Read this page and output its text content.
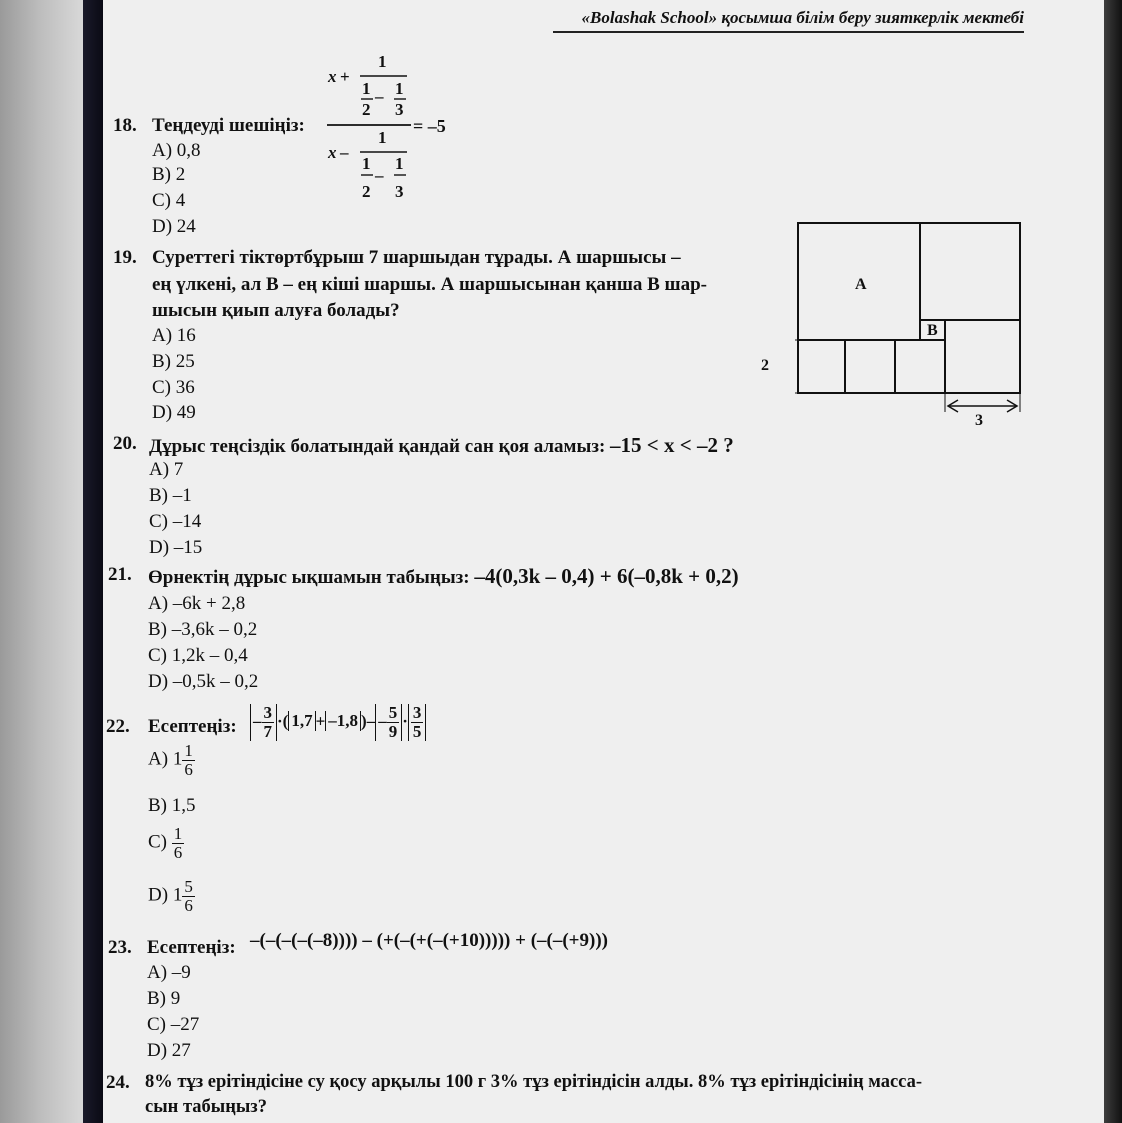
«Bolashak School» қосымша білім беру зияткерлік мектебі
18. Теңдеуді шешіңіз:
x +
1
1
2
– 1
3
x –
1
1
2
–
1
3
= –5
A) 0,8
B) 2
C) 4
D) 24
19. Суреттегі тіктөртбұрыш 7 шаршыдан тұрады. А шаршысы –
ең үлкені, ал В – ең кіші шаршы. А шаршысынан қанша В шар-
шысын қиып алуға болады?
A) 16
B) 25
C) 36
D) 49
A
B
2
3
20. Дұрыс теңсіздік болатындай қандай сан қоя аламыз: –15 < x < –2 ?
A) 7
B) –1
C) –14
D) –15
21. Өрнектің дұрыс ықшамын табыңыз: –4(0,3k – 0,4) + 6(–0,8k + 0,2)
A) –6k + 2,8
B) –3,6k – 0,2
C) 1,2k – 0,4
D) –0,5k – 0,2
22. Есептеңіз: – $\frac{3}{7}$ ·( 1,7 + –1,8 )– – $\frac{5}{9} \cdot \frac{3}{5}$
A) $1 \frac{1}{6}$
B) 1,5
$C) \frac{1}{6}$
D) $1 \frac{5}{6}$
23. Есептеңіз: –(–(–(–(–8)))) – (+(–(+(–(+10))))) + (–(–(+9)))
A) –9
B) 9
C) –27
D) 27
24. 8% тұз ерітіндісіне су қосу арқылы 100 г 3% тұз ерітіндісін алды. 8% тұз ерітіндісінің масса-
сын табыңыз?
